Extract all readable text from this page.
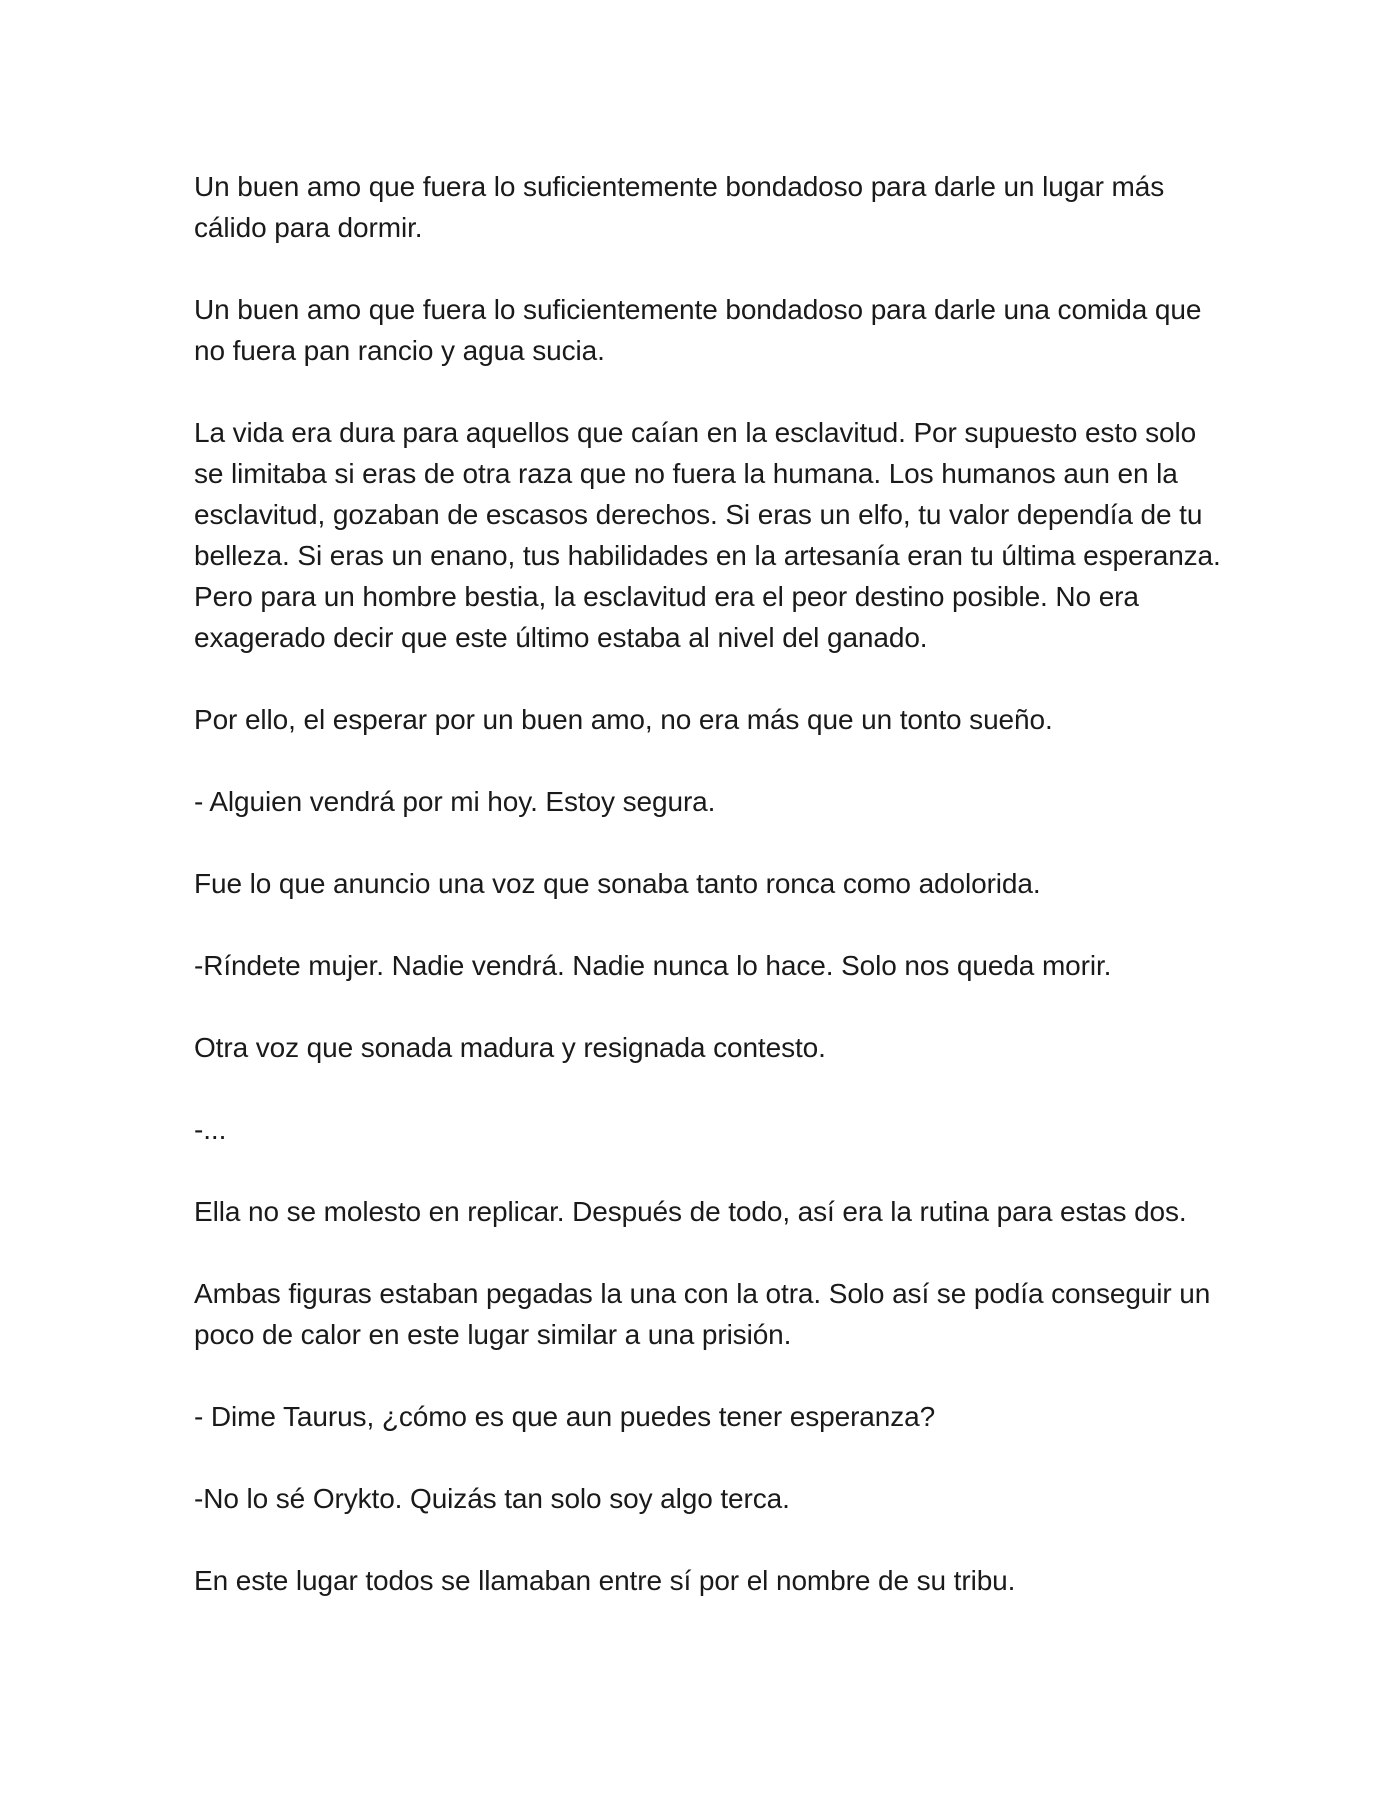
Un buen amo que fuera lo suficientemente bondadoso para darle un lugar más cálido para dormir.

Un buen amo que fuera lo suficientemente bondadoso para darle una comida que no fuera pan rancio y agua sucia.

La vida era dura para aquellos que caían en la esclavitud. Por supuesto esto solo se limitaba si eras de otra raza que no fuera la humana. Los humanos aun en la esclavitud, gozaban de escasos derechos. Si eras un elfo, tu valor dependía de tu belleza. Si eras un enano, tus habilidades en la artesanía eran tu última esperanza. Pero para un hombre bestia, la esclavitud era el peor destino posible. No era exagerado decir que este último estaba al nivel del ganado.

Por ello, el esperar por un buen amo, no era más que un tonto sueño.

- Alguien vendrá por mi hoy. Estoy segura.

Fue lo que anuncio una voz que sonaba tanto ronca como adolorida.

-Ríndete mujer. Nadie vendrá. Nadie nunca lo hace. Solo nos queda morir.

Otra voz que sonada madura y resignada contesto.

-...

Ella no se molesto en replicar. Después de todo, así era la rutina para estas dos.

Ambas figuras estaban pegadas la una con la otra. Solo así se podía conseguir un poco de calor en este lugar similar a una prisión.

- Dime Taurus, ¿cómo es que aun puedes tener esperanza?

-No lo sé Orykto. Quizás tan solo soy algo terca.

En este lugar todos se llamaban entre sí por el nombre de su tribu.
